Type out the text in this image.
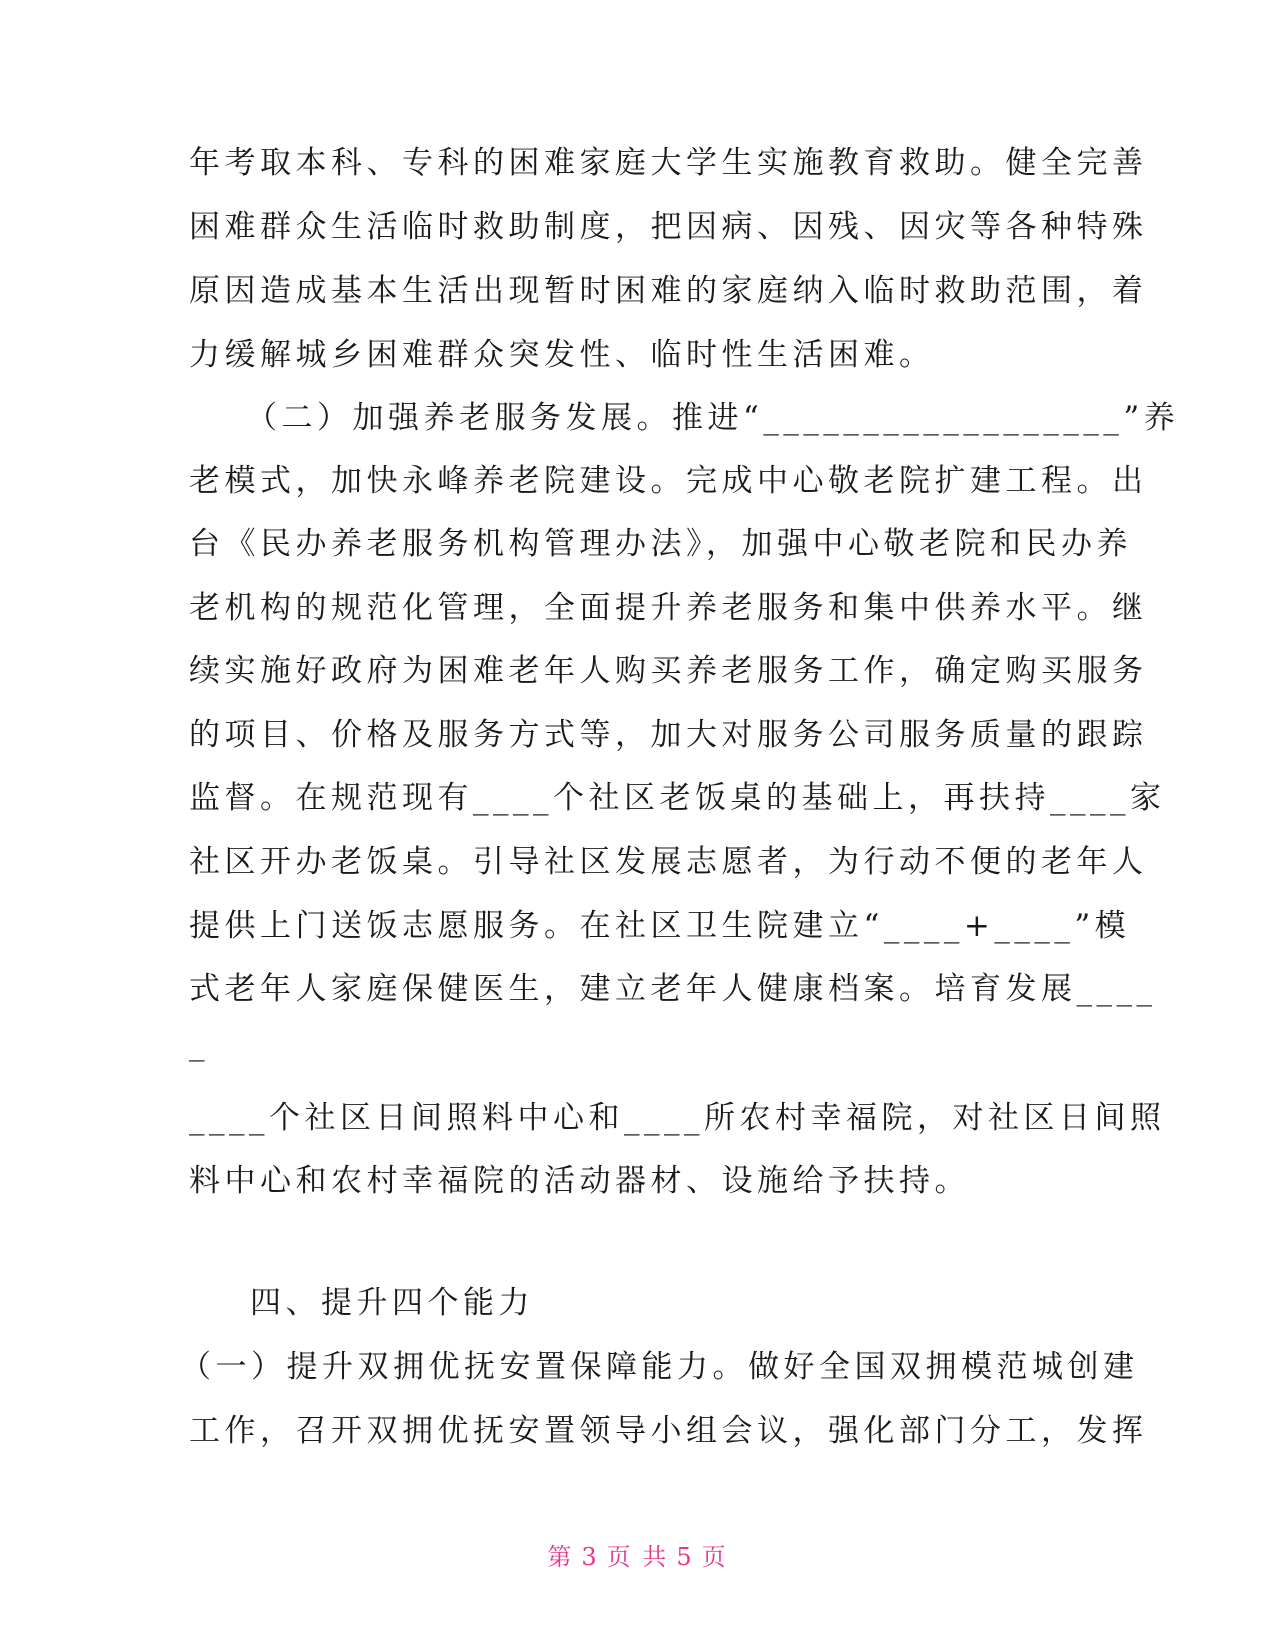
年考取本科、专科的困难家庭大学生实施教育救助。健全完善
困难群众生活临时救助制度，把因病、因残、因灾等各种特殊
原因造成基本生活出现暂时困难的家庭纳入临时救助范围，着
力缓解城乡困难群众突发性、临时性生活困难。
（二）加强养老服务发展。推进“__________________”养
老模式，加快永峰养老院建设。完成中心敬老院扩建工程。出
台《民办养老服务机构管理办法》，加强中心敬老院和民办养
老机构的规范化管理，全面提升养老服务和集中供养水平。继
续实施好政府为困难老年人购买养老服务工作，确定购买服务
的项目、价格及服务方式等，加大对服务公司服务质量的跟踪
监督。在规范现有____个社区老饭桌的基础上，再扶持____家
社区开办老饭桌。引导社区发展志愿者，为行动不便的老年人
提供上门送饭志愿服务。在社区卫生院建立“____+____”模
式老年人家庭保健医生，建立老年人健康档案。培育发展____
_
____个社区日间照料中心和____所农村幸福院，对社区日间照
料中心和农村幸福院的活动器材、设施给予扶持。
四、提升四个能力
（一）提升双拥优抚安置保障能力。做好全国双拥模范城创建
工作，召开双拥优抚安置领导小组会议，强化部门分工，发挥
第 3 页 共 5 页
